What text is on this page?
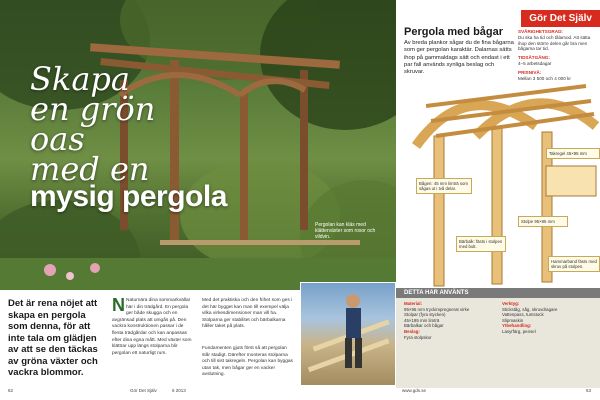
Skapa
en grön
oas
med en
mysig pergola
Pergolan kan kläs med klätterväxter som rosor och vildvin.
Det är rena nöjet att skapa en pergola som denna, för att inte tala om glädjen av att se den täckas av gröna växter och vackra blommor.
N Naturnära dina sommarkvällar här i din trädgård. En pergola ger både skugga och en avgränsad plats att umgås på. Den vackra konstruktionen passar i de flesta trädgårdar och kan anpassas efter dina egna mått. Med växter som klättrar upp längs stolparna blir pergolan ett naturligt rum.
Med det praktiska och den frihet som ges i det här bygget kan man till exempel välja vilka virkesdimensioner man vill ha. Stolparna ger stabilitet och bärbalkarna håller taket på plats.
Fundamenten gjuts först så att pergolan står stadigt. Därefter monteras stolparna och till sist takregeln. Pergolan kan byggas utan tak, men bågar ger en vacker avslutning.
62	Gör Det Själv	6 2013
Gör Det Själv
Pergola med bågar
Av breda plankor sågar du de fina bågarna som ger pergolan karaktär. Dalarnas sätts ihop på gammaldags sätt och endast i ett par fall används synliga beslag och skruvar.
SVÅRIGHETSGRAD:
Du ska ha tid och tålamod. Att sätta ihop den större delen går bra men bågarna tar tid.
TIDSÅTGÅNG:
4–5 arbetsdagar
PRISNIVÅ:
Mellan 3 500 och 4 000 kr
Bågen: 45 mm limträ som sågas ut i två delar.
Bärbalk: fästs i stolpen med bult.
Takregel 45×95 mm
Stolpe 95×95 mm
Hammarband fästs med skruv på stolpen.
DETTA HAR ANVÄNTS
Material:
95×95 mm tryckimpregnerat virke
Stolpar (fyra stycken)
45×195 mm limträ
Bärbalkar och bågar
Beslag:
Fyra stolpskor
Verktyg:
Stickståg, såg, skruvdragare
Vattenpass, tumstock
Slipmaskin
Ytbehandling:
Lasyrfärg, pensel
www.gds.se	63
